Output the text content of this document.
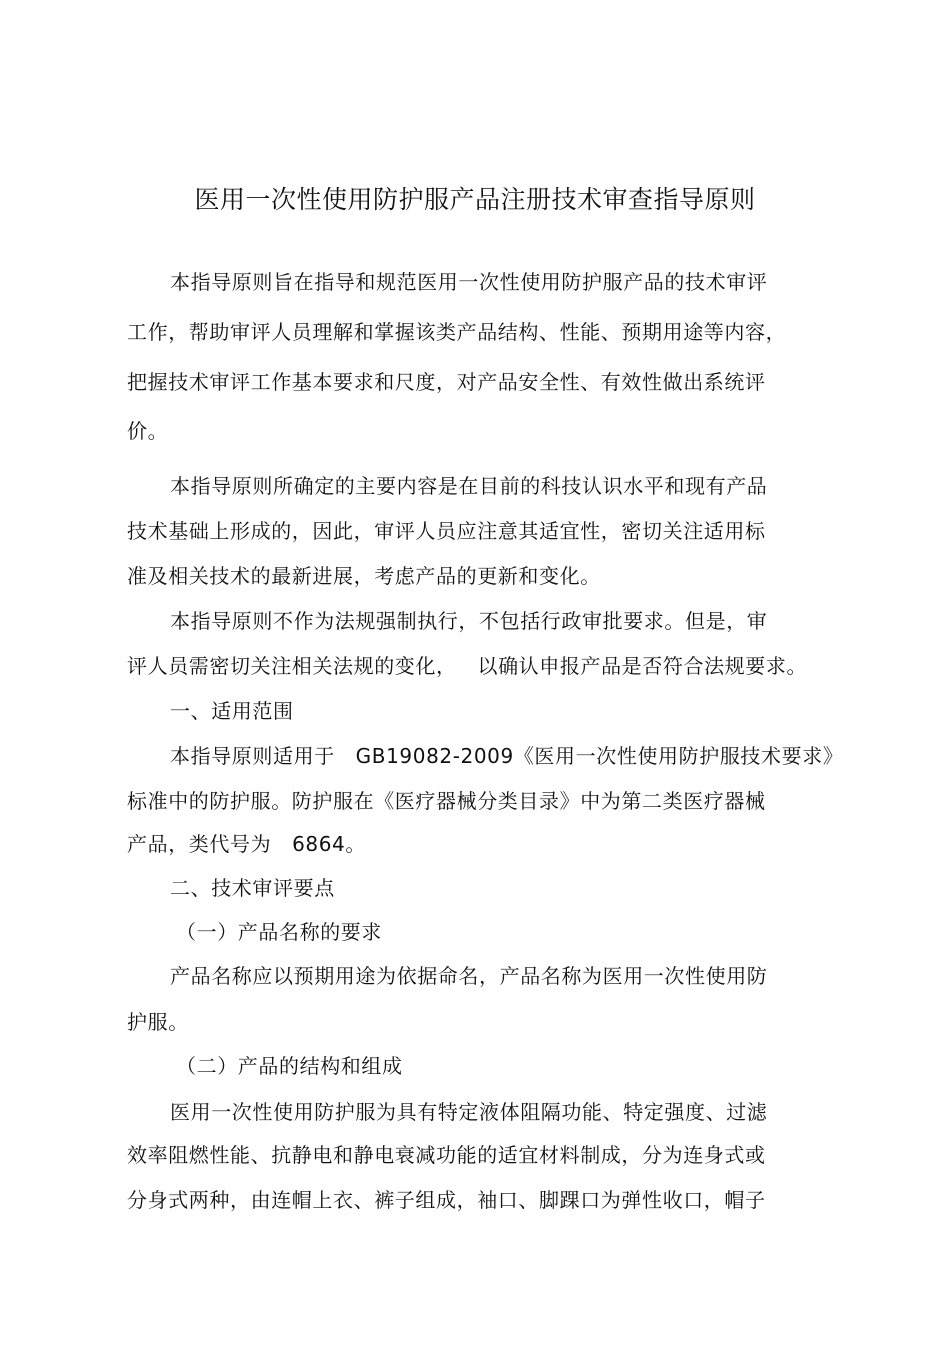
医用一次性使用防护服产品注册技术审查指导原则
本指导原则旨在指导和规范医用一次性使用防护服产品的技术审评
工作，帮助审评人员理解和掌握该类产品结构、性能、预期用途等内容，
把握技术审评工作基本要求和尺度，对产品安全性、有效性做出系统评
价。
本指导原则所确定的主要内容是在目前的科技认识水平和现有产品
技术基础上形成的，因此，审评人员应注意其适宜性，密切关注适用标
准及相关技术的最新进展，考虑产品的更新和变化。
本指导原则不作为法规强制执行，不包括行政审批要求。但是，审
评人员需密切关注相关法规的变化，   以确认申报产品是否符合法规要求。
一、适用范围
本指导原则适用于   GB19082-2009《医用一次性使用防护服技术要求》
标准中的防护服。防护服在《医疗器械分类目录》中为第二类医疗器械
产品，类代号为   6864。
二、技术审评要点
（一）产品名称的要求
产品名称应以预期用途为依据命名，产品名称为医用一次性使用防
护服。
（二）产品的结构和组成
医用一次性使用防护服为具有特定液体阻隔功能、特定强度、过滤
效率阻燃性能、抗静电和静电衰减功能的适宜材料制成，分为连身式或
分身式两种，由连帽上衣、裤子组成，袖口、脚踝口为弹性收口，帽子
